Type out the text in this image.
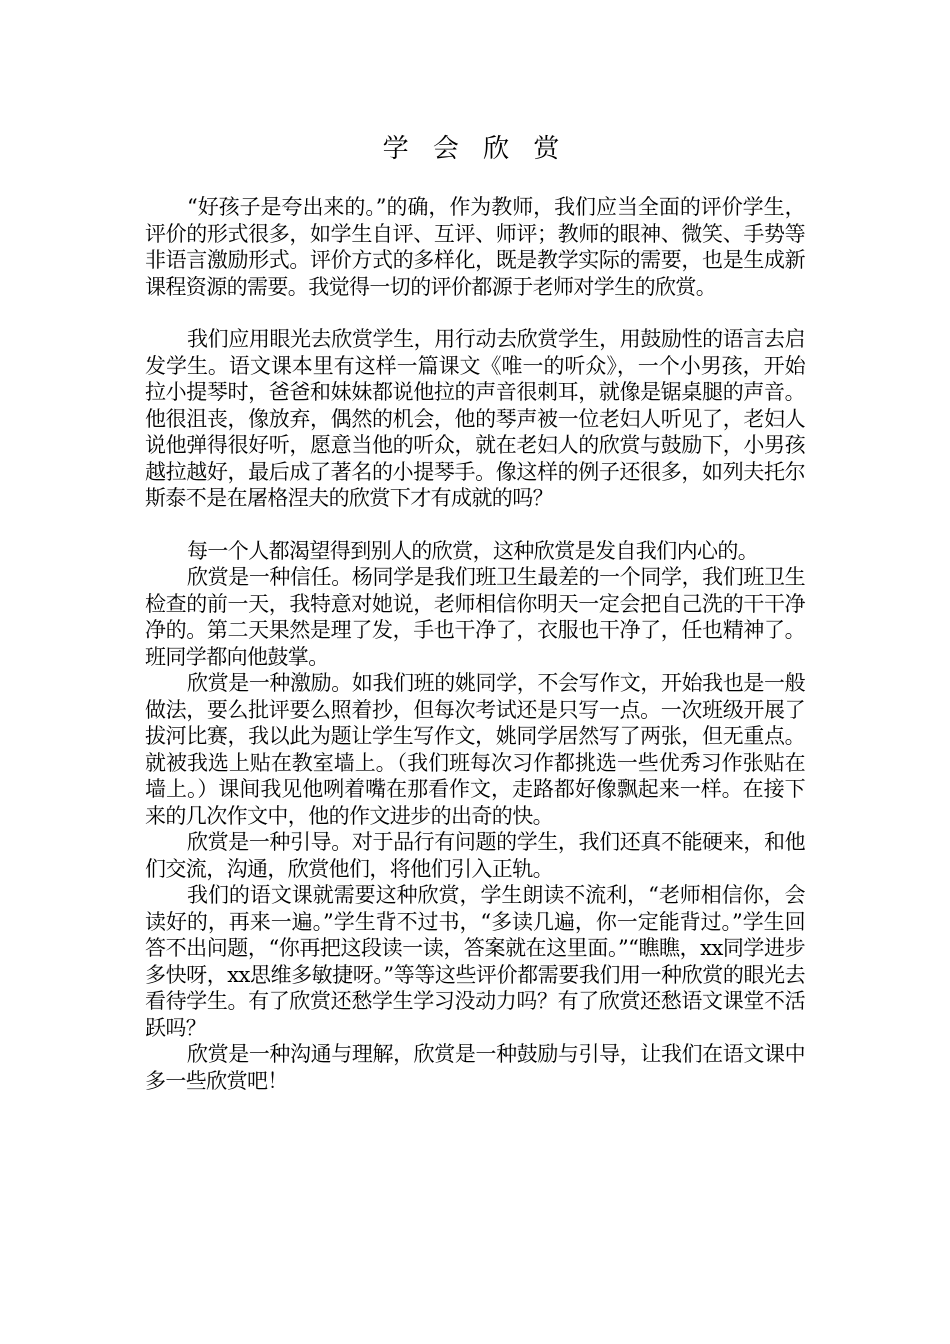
学 会 欣 赏

“好孩子是夸出来的。”的确，作为教师，我们应当全面的评价学生，评价的形式很多，如学生自评、互评、师评；教师的眼神、微笑、手势等非语言激励形式。评价方式的多样化，既是教学实际的需要，也是生成新课程资源的需要。我觉得一切的评价都源于老师对学生的欣赏。

我们应用眼光去欣赏学生，用行动去欣赏学生，用鼓励性的语言去启发学生。语文课本里有这样一篇课文《唯一的听众》，一个小男孩，开始拉小提琴时，爸爸和妹妹都说他拉的声音很刺耳，就像是锯桌腿的声音。他很沮丧，像放弃，偶然的机会，他的琴声被一位老妇人听见了，老妇人说他弹得很好听，愿意当他的听众，就在老妇人的欣赏与鼓励下，小男孩越拉越好，最后成了著名的小提琴手。像这样的例子还很多，如列夫托尔斯泰不是在屠格涅夫的欣赏下才有成就的吗？

每一个人都渴望得到别人的欣赏，这种欣赏是发自我们内心的。

欣赏是一种信任。杨同学是我们班卫生最差的一个同学，我们班卫生检查的前一天，我特意对她说，老师相信你明天一定会把自己洗的干干净净的。第二天果然是理了发，手也干净了，衣服也干净了，任也精神了。班同学都向他鼓掌。

欣赏是一种激励。如我们班的姚同学，不会写作文，开始我也是一般做法，要么批评要么照着抄，但每次考试还是只写一点。一次班级开展了拔河比赛，我以此为题让学生写作文，姚同学居然写了两张，但无重点。就被我选上贴在教室墙上。（我们班每次习作都挑选一些优秀习作张贴在墙上。）课间我见他咧着嘴在那看作文，走路都好像飘起来一样。在接下来的几次作文中，他的作文进步的出奇的快。

欣赏是一种引导。对于品行有问题的学生，我们还真不能硬来，和他们交流，沟通，欣赏他们，将他们引入正轨。

我们的语文课就需要这种欣赏，学生朗读不流利，“老师相信你，会读好的，再来一遍。”学生背不过书，“多读几遍，你一定能背过。”学生回答不出问题，“你再把这段读一读，答案就在这里面。”“瞧瞧，xx同学进步多快呀，xx思维多敏捷呀。”等等这些评价都需要我们用一种欣赏的眼光去看待学生。有了欣赏还愁学生学习没动力吗？有了欣赏还愁语文课堂不活跃吗？

欣赏是一种沟通与理解，欣赏是一种鼓励与引导，让我们在语文课中多一些欣赏吧！
